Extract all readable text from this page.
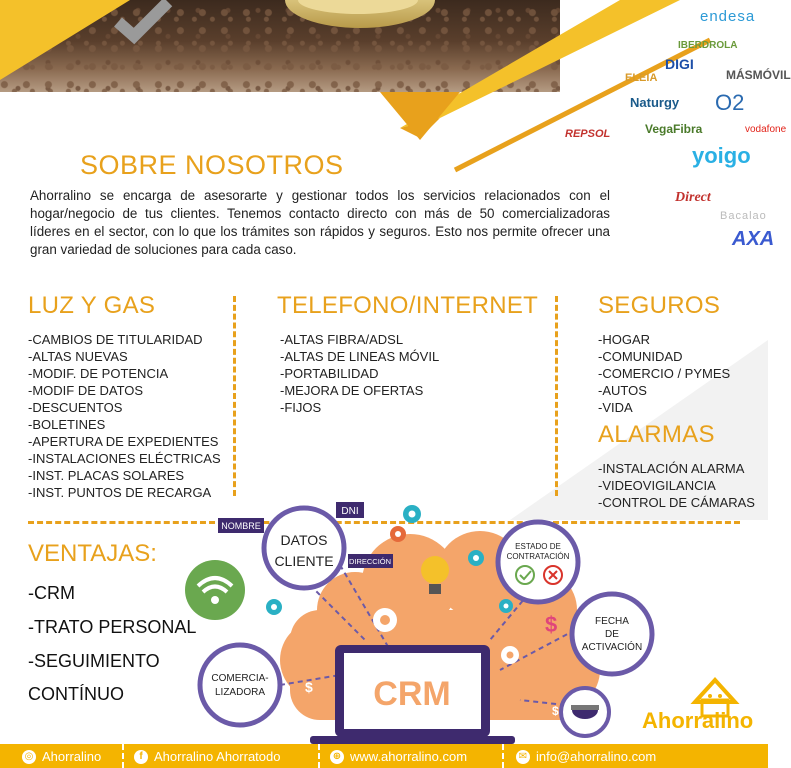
endesa
IBERDROLA
DIGI
ELEIA	MÁSMÓVIL
Naturgy O2
REPSOL	VegaFibra	vodafone
yoigo
Direct
Bacalao
AXA
SOBRE NOSOTROS

Ahorralino se encarga de asesorarte y gestionar todos los servicios relacionados con el hogar/negocio de tus clientes. Tenemos contacto directo con más de 50 comercializadoras líderes en el sector, con lo que los trámites son rápidos y seguros. Esto nos permite ofrecer una gran variedad de soluciones para cada caso.

LUZ Y GAS
-CAMBIOS DE TITULARIDAD
-ALTAS NUEVAS
-MODIF. DE POTENCIA
-MODIF DE DATOS
-DESCUENTOS
-BOLETINES
-APERTURA DE EXPEDIENTES
-INSTALACIONES ELÉCTRICAS
-INST. PLACAS SOLARES
-INST. PUNTOS DE RECARGA
TELEFONO/INTERNET
-ALTAS FIBRA/ADSL
-ALTAS DE LINEAS MÓVIL
-PORTABILIDAD
-MEJORA DE OFERTAS
-FIJOS
SEGUROS
-HOGAR
-COMUNIDAD
-COMERCIO / PYMES
-AUTOS
-VIDA
ALARMAS
-INSTALACIÓN ALARMA
-VIDEOVIGILANCIA
-CONTROL DE CÁMARAS
VENTAJAS:
-CRM
-TRATO PERSONAL
-SEGUIMIENTO
CONTÍNUO
$
$
$
CRM
DATOS
CLIENTE
NOMBRE
DNI
DIRECCIÓN
ESTADO DE
CONTRATACIÓN
FECHA
DE
ACTIVACIÓN
COMERCIA-
LIZADORA
Ahorralino
◎ Ahorralino	f Ahorralino Ahorratodo	⊕ www.ahorralino.com	✉ info@ahorralino.com
